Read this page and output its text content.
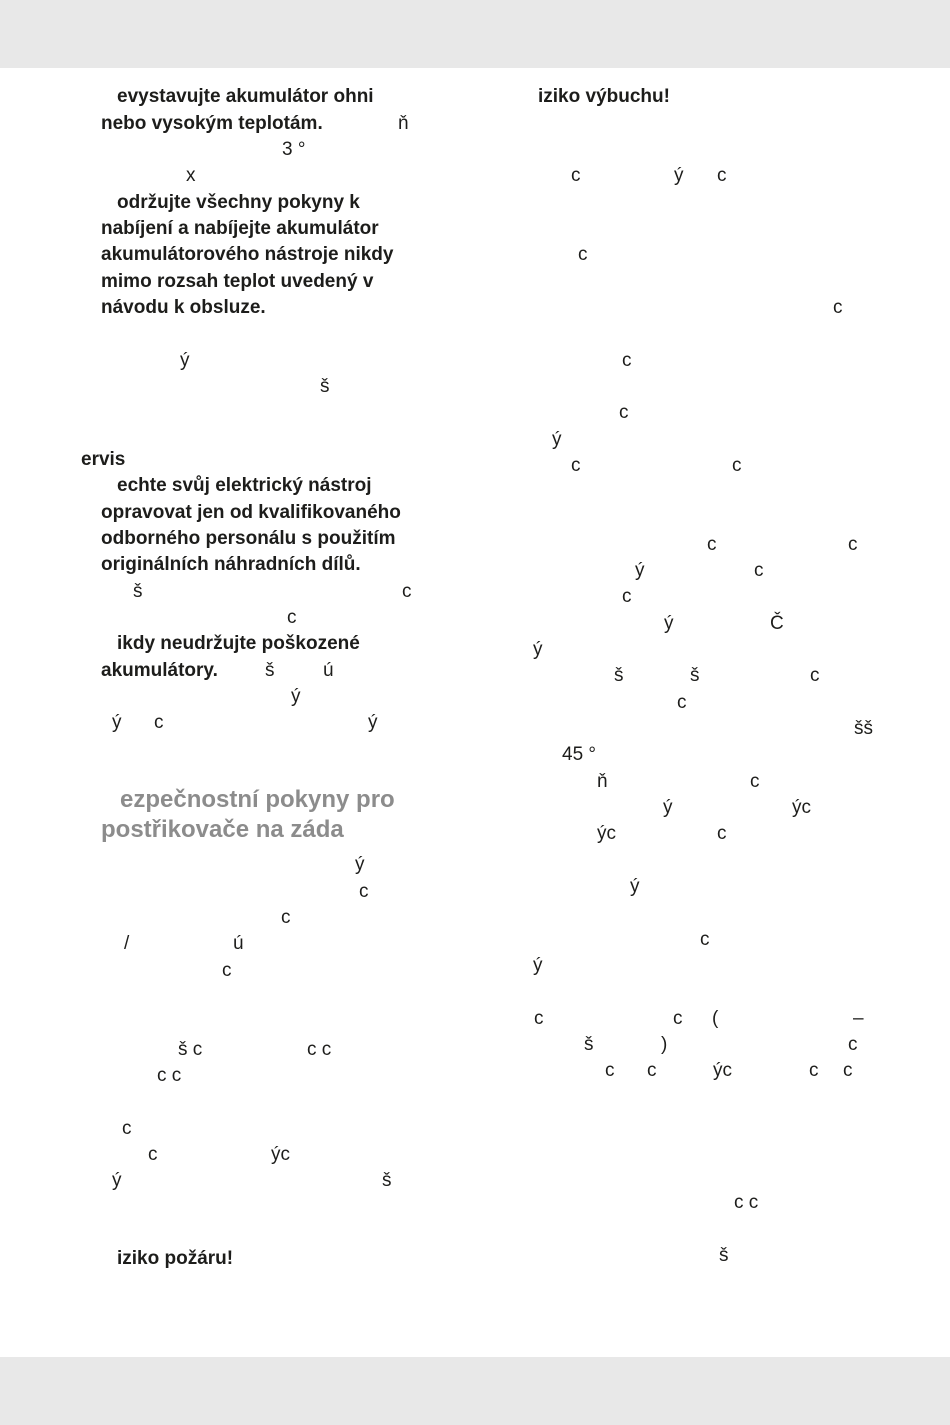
evystavujte akumulátor ohni
nebo vysokým teplotám.	ň
3 °
x
održujte všechny pokyny k
nabíjení a nabíjejte akumulátor
akumulátorového nástroje nikdy
mimo rozsah teplot uvedený v
návodu k obsluze.
ý
š
ervis
echte svůj elektrický nástroj
opravovat jen od kvalifikovaného
odborného personálu s použitím
originálních náhradních dílů.
š	c
c
ikdy neudržujte poškozené
akumulátory. š	ú
ý
ý c	ý
ezpečnostní pokyny pro
postřikovače na záda
ý
c
c
/	ú
c
š c	c c
c c
c
c	ýc
ý	š
iziko požáru!
iziko výbuchu!
c	ý c
c
c
c
c
ý
c	c
c	c
ý	c
c
ý	Č
ý
š	š	c
c
šš
45 °
ň	c
ý	ýc
ýc	c
ý
c
ý
c	c (	–
š	)	c
c c	ýc	c c
c c
š
